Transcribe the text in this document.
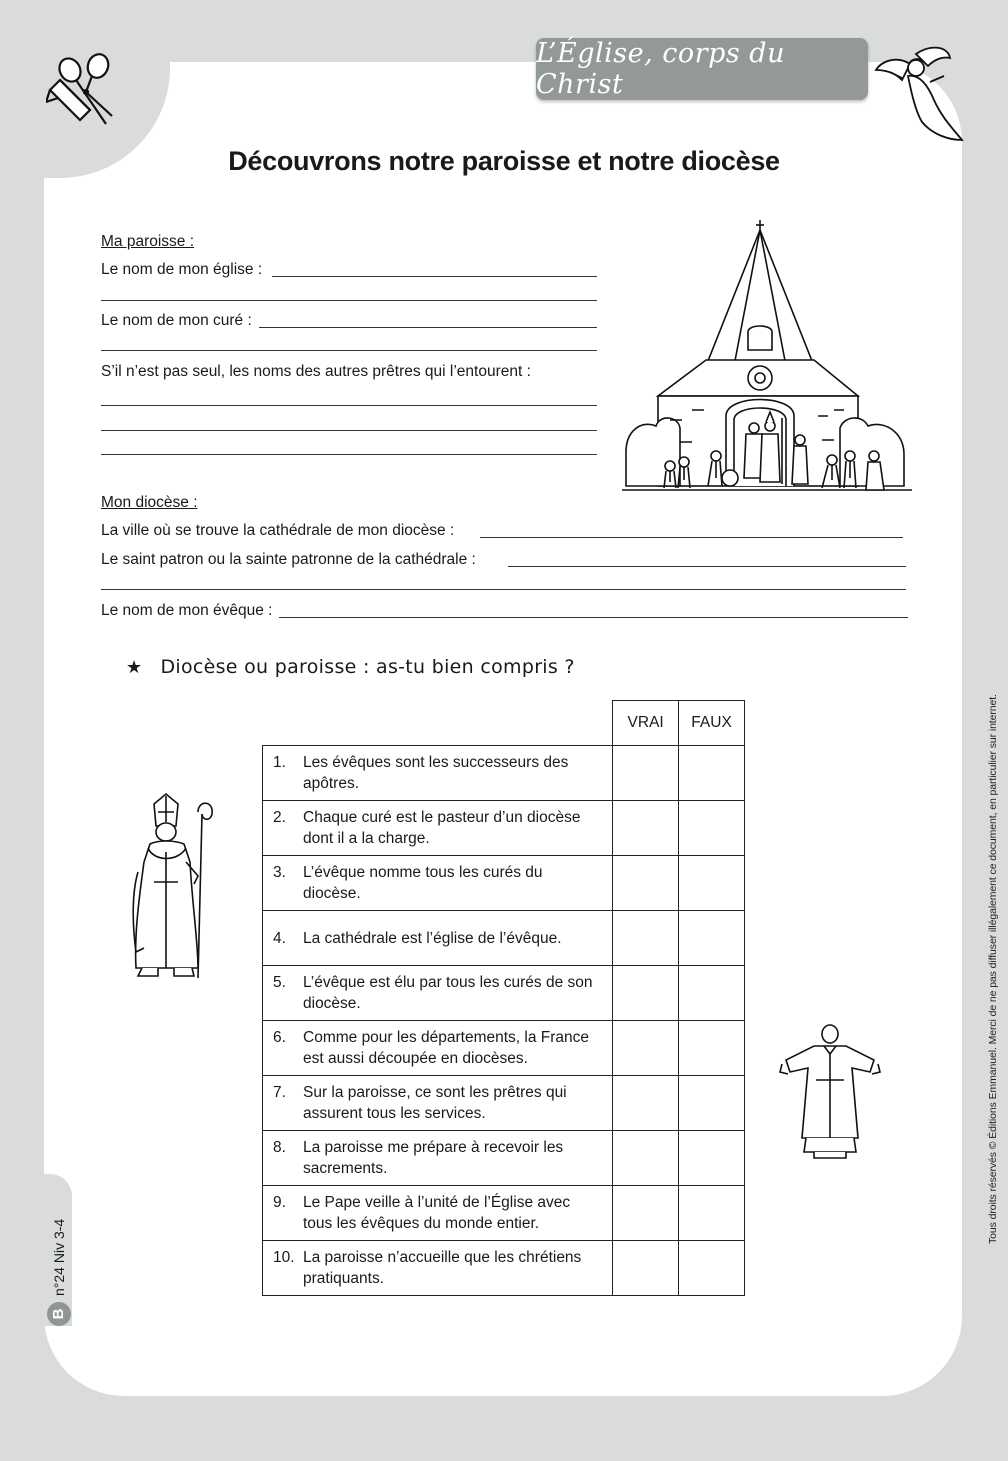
L’Église, corps du Christ
Découvrons notre paroisse et notre diocèse
Ma paroisse :
Le nom de mon église :
Le nom de mon curé :
S’il n’est pas seul, les noms des autres prêtres qui l’entourent :
Mon diocèse :
La ville où se trouve la cathédrale de mon diocèse :
Le saint patron ou la sainte patronne de la cathédrale :
Le nom de mon évêque :
★ Diocèse ou paroisse : as-tu bien compris ?
	VRAI	FAUX

1. Les évêques sont les successeurs des apôtres.		

2. Chaque curé est le pasteur d’un diocèse dont il a la charge.		

3. L’évêque nomme tous les curés du diocèse.		

4. La cathédrale est l’église de l’évêque.		

5. L’évêque est élu par tous les curés de son diocèse.		

6. Comme pour les départements, la France est aussi découpée en diocèses.		

7. Sur la paroisse, ce sont les prêtres qui assurent tous les services.		

8. La paroisse me prépare à recevoir les sacrements.		

9. Le Pape veille à l’unité de l’Église avec tous les évêques du monde entier.		

10. La paroisse n’accueille que les chrétiens pratiquants.		

B
n°24 Niv 3-4
Tous droits réservés © Éditions Emmanuel. Merci de ne pas diffuser illégalement ce document, en particulier sur internet.
